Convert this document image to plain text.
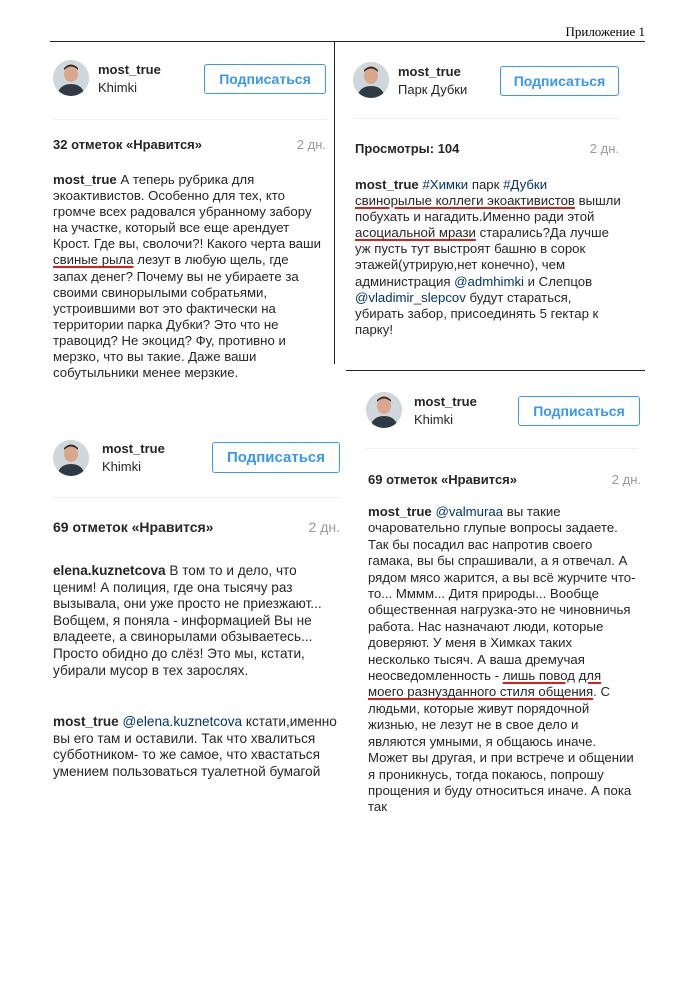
Приложение 1
most_true
Khimki
Подписаться
32 отметок «Нравится»	2 дн.

most_true А теперь рубрика для экоактивистов. Особенно для тех, кто громче всех радовался убранному забору на участке, который все еще арендует Крост. Где вы, сволочи?! Какого черта ваши свиные рыла лезут в любую щель, где запах денег? Почему вы не убираете за своими свинорылыми собратьями, устроившими вот это фактически на территории парка Дубки? Это что не травоцид? Не экоцид? Фу, противно и мерзко, что вы такие. Даже ваши собутыльники менее мерзкие.

most_true
Парк Дубки
Подписаться
Просмотры: 104	2 дн.

most_true #Химки парк #Дубки свинорылые коллеги экоактивистов вышли побухать и нагадить.Именно ради этой асоциальной мрази старались?Да лучше уж пусть тут выстроят башню в сорок этажей(утрирую,нет конечно), чем администрация @admhimki и Слепцов @vladimir_slepcov будут стараться, убирать забор, присоединять 5 гектар к парку!

most_true
Khimki
Подписаться
69 отметок «Нравится»	2 дн.

elena.kuznetcova В том то и дело, что ценим! А полиция, где она тысячу раз вызывала, они уже просто не приезжают... Вобщем, я поняла - информацией Вы не владеете, а свинорылами обзываетесь... Просто обидно до слёз! Это мы, кстати, убирали мусор в тех зарослях.

most_true @elena.kuznetcova кстати,именно вы его там и оставили. Так что хвалиться субботником- то же самое, что хвастаться умением пользоваться туалетной бумагой

most_true
Khimki
Подписаться
69 отметок «Нравится»	2 дн.

most_true @valmuraa вы такие очаровательно глупые вопросы задаете. Так бы посадил вас напротив своего гамака, вы бы спрашивали, а я отвечал. А рядом мясо жарится, а вы всё журчите что-то... Мммм... Дитя природы... Вообще общественная нагрузка-это не чиновничья работа. Нас назначают люди, которые доверяют. У меня в Химках таких несколько тысяч. А ваша дремучая неосведомленность - лишь повод для моего разнузданного стиля общения. С людьми, которые живут порядочной жизнью, не лезут не в свое дело и являются умными, я общаюсь иначе. Может вы другая, и при встрече и общении я проникнусь, тогда покаюсь, попрошу прощения и буду относиться иначе. А пока так
